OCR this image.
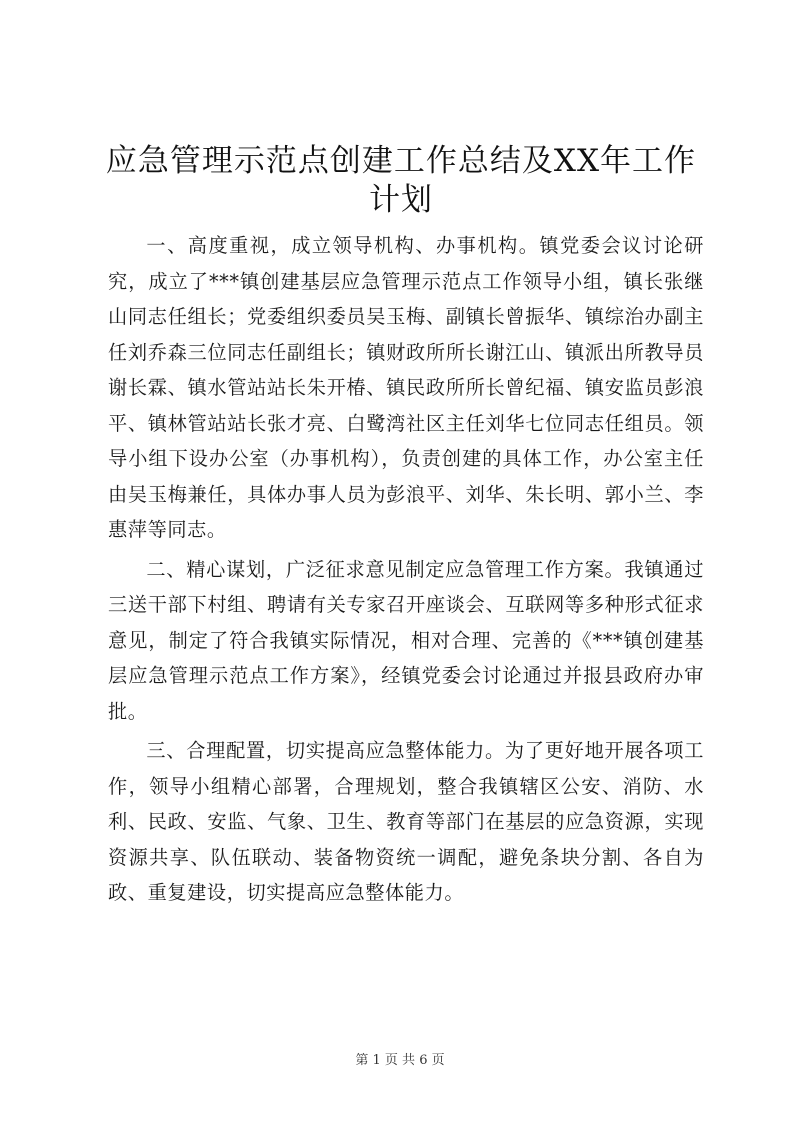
应急管理示范点创建工作总结及XX年工作计划

一、高度重视，成立领导机构、办事机构。镇党委会议讨论研究，成立了***镇创建基层应急管理示范点工作领导小组，镇长张继山同志任组长；党委组织委员吴玉梅、副镇长曾振华、镇综治办副主任刘乔森三位同志任副组长；镇财政所所长谢江山、镇派出所教导员谢长霖、镇水管站站长朱开椿、镇民政所所长曾纪福、镇安监员彭浪平、镇林管站站长张才亮、白鹭湾社区主任刘华七位同志任组员。领导小组下设办公室（办事机构），负责创建的具体工作，办公室主任由吴玉梅兼任，具体办事人员为彭浪平、刘华、朱长明、郭小兰、李惠萍等同志。

二、精心谋划，广泛征求意见制定应急管理工作方案。我镇通过三送干部下村组、聘请有关专家召开座谈会、互联网等多种形式征求意见，制定了符合我镇实际情况，相对合理、完善的《***镇创建基层应急管理示范点工作方案》，经镇党委会讨论通过并报县政府办审批。

三、合理配置，切实提高应急整体能力。为了更好地开展各项工作，领导小组精心部署，合理规划，整合我镇辖区公安、消防、水利、民政、安监、气象、卫生、教育等部门在基层的应急资源，实现资源共享、队伍联动、装备物资统一调配，避免条块分割、各自为政、重复建设，切实提高应急整体能力。

第 1 页 共 6 页
